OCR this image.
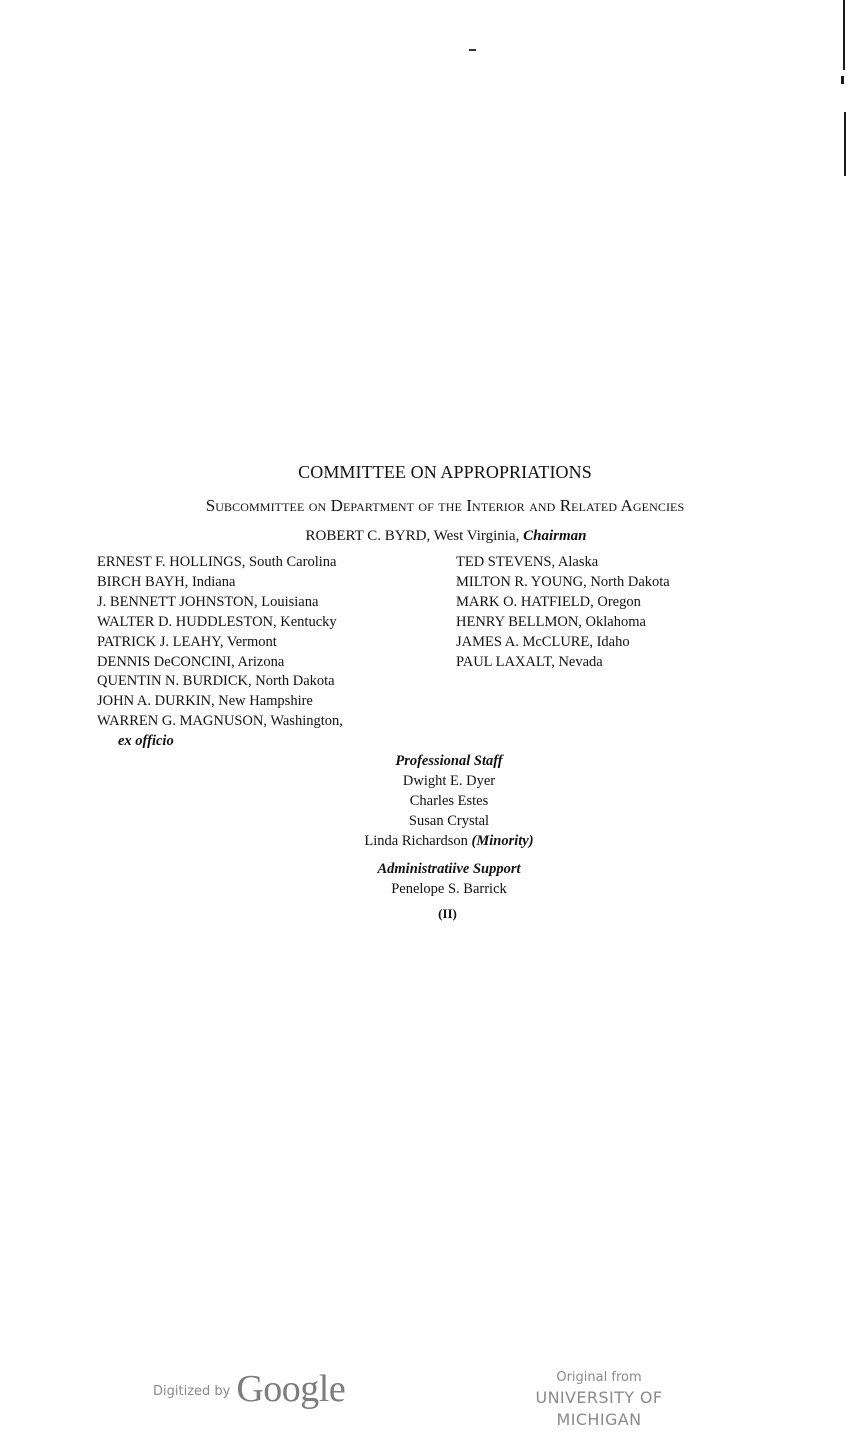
COMMITTEE ON APPROPRIATIONS
Subcommittee on Department of the Interior and Related Agencies
ROBERT C. BYRD, West Virginia, Chairman
ERNEST F. HOLLINGS, South Carolina
BIRCH BAYH, Indiana
J. BENNETT JOHNSTON, Louisiana
WALTER D. HUDDLESTON, Kentucky
PATRICK J. LEAHY, Vermont
DENNIS DeCONCINI, Arizona
QUENTIN N. BURDICK, North Dakota
JOHN A. DURKIN, New Hampshire
WARREN G. MAGNUSON, Washington,
ex officio
TED STEVENS, Alaska
MILTON R. YOUNG, North Dakota
MARK O. HATFIELD, Oregon
HENRY BELLMON, Oklahoma
JAMES A. McCLURE, Idaho
PAUL LAXALT, Nevada
Professional Staff
Dwight E. Dyer
Charles Estes
Susan Crystal
Linda Richardson (Minority)
Administratiive Support
Penelope S. Barrick
(II)
Digitized by Google	Original from
UNIVERSITY OF MICHIGAN
